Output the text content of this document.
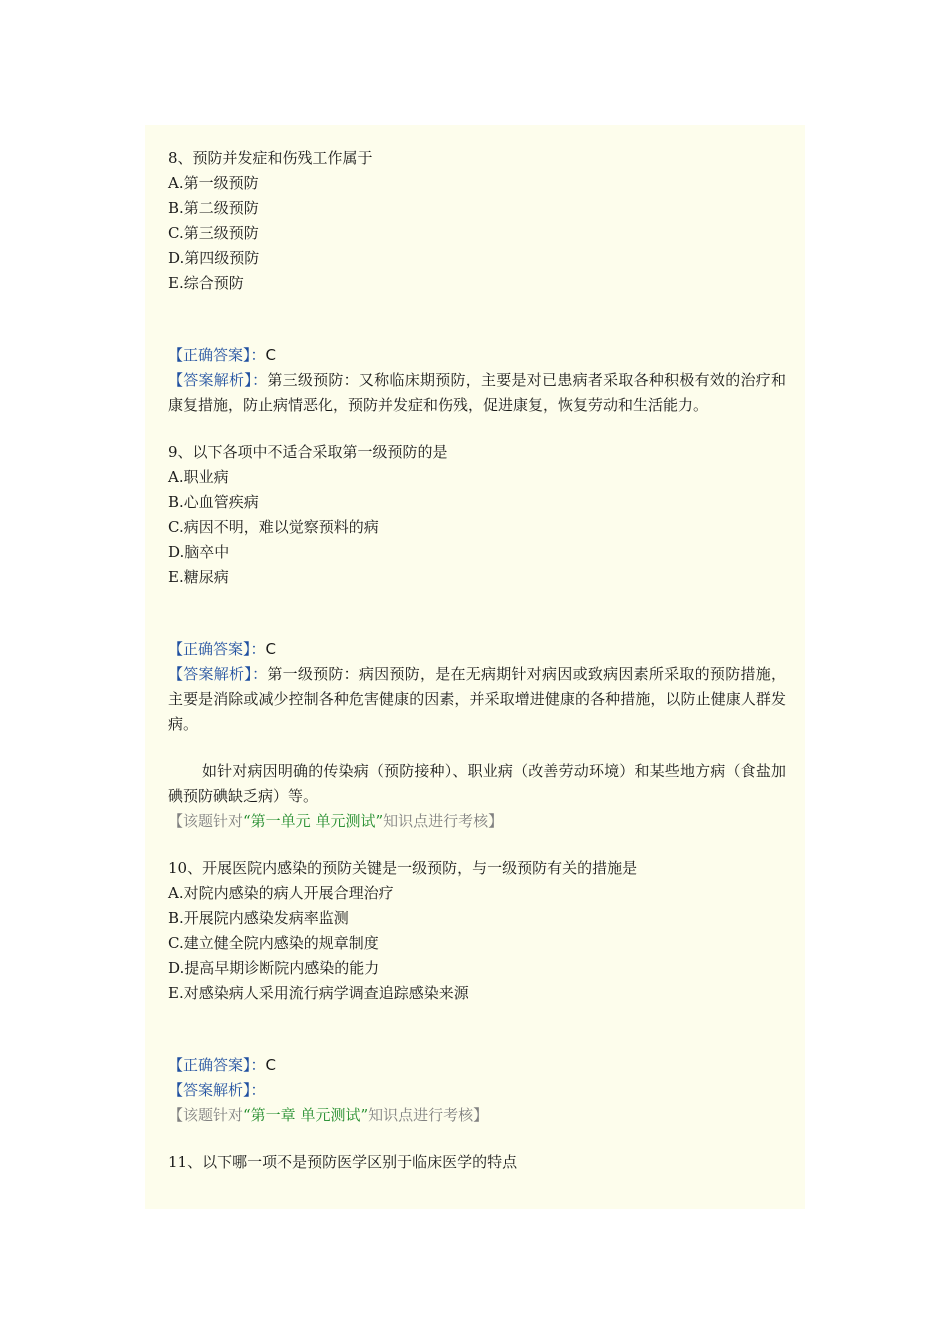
8、预防并发症和伤残工作属于
A.第一级预防
B.第二级预防
C.第三级预防
D.第四级预防
E.综合预防
【正确答案】：C
【答案解析】：第三级预防：又称临床期预防，主要是对已患病者采取各种积极有效的治疗和康复措施，防止病情恶化，预防并发症和伤残，促进康复，恢复劳动和生活能力。
9、以下各项中不适合采取第一级预防的是
A.职业病
B.心血管疾病
C.病因不明，难以觉察预料的病
D.脑卒中
E.糖尿病
【正确答案】：C
【答案解析】：第一级预防：病因预防，是在无病期针对病因或致病因素所采取的预防措施，主要是消除或减少控制各种危害健康的因素，并采取增进健康的各种措施，以防止健康人群发病。
如针对病因明确的传染病（预防接种）、职业病（改善劳动环境）和某些地方病（食盐加碘预防碘缺乏病）等。
【该题针对“第一单元 单元测试”知识点进行考核】
10、开展医院内感染的预防关键是一级预防，与一级预防有关的措施是
A.对院内感染的病人开展合理治疗
B.开展院内感染发病率监测
C.建立健全院内感染的规章制度
D.提高早期诊断院内感染的能力
E.对感染病人采用流行病学调查追踪感染来源
【正确答案】：C
【答案解析】：
【该题针对“第一章 单元测试”知识点进行考核】
11、以下哪一项不是预防医学区别于临床医学的特点
